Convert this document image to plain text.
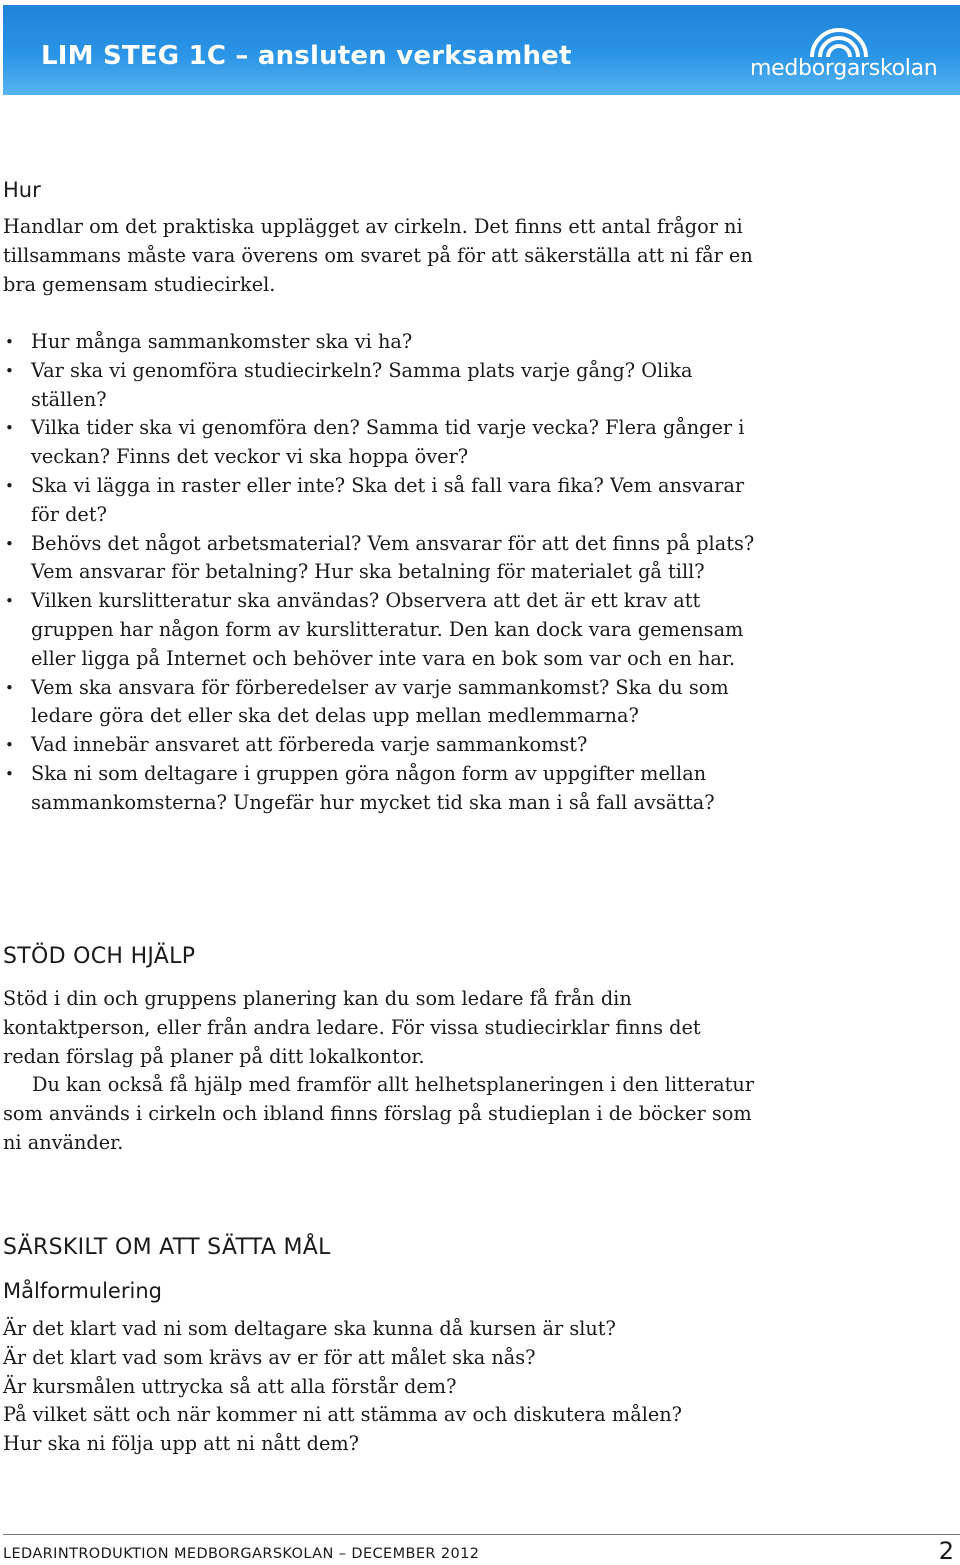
LIM STEG 1C – ansluten verksamhet	medborgarskolan
Hur

Handlar om det praktiska upplägget av cirkeln. Det finns ett antal frågor ni tillsammans måste vara överens om svaret på för att säkerställa att ni får en bra gemensam studiecirkel.

• Hur många sammankomster ska vi ha?
• Var ska vi genomföra studiecirkeln? Samma plats varje gång? Olika ställen?
• Vilka tider ska vi genomföra den? Samma tid varje vecka? Flera gånger i veckan? Finns det veckor vi ska hoppa över?
• Ska vi lägga in raster eller inte? Ska det i så fall vara fika? Vem ansvarar för det?
• Behövs det något arbetsmaterial? Vem ansvarar för att det finns på plats? Vem ansvarar för betalning? Hur ska betalning för materialet gå till?
• Vilken kurslitteratur ska användas? Observera att det är ett krav att gruppen har någon form av kurslitteratur. Den kan dock vara gemensam eller ligga på Internet och behöver inte vara en bok som var och en har.
• Vem ska ansvara för förberedelser av varje sammankomst? Ska du som ledare göra det eller ska det delas upp mellan medlemmarna?
• Vad innebär ansvaret att förbereda varje sammankomst?
• Ska ni som deltagare i gruppen göra någon form av uppgifter mellan sammankomsterna? Ungefär hur mycket tid ska man i så fall avsätta?
STÖD OCH HJÄLP

Stöd i din och gruppens planering kan du som ledare få från din kontaktperson, eller från andra ledare. För vissa studiecirklar finns det redan förslag på planer på ditt lokalkontor.

Du kan också få hjälp med framför allt helhetsplaneringen i den litteratur som används i cirkeln och ibland finns förslag på studieplan i de böcker som ni använder.

SÄRSKILT OM ATT SÄTTA MÅL
Målformulering
Är det klart vad ni som deltagare ska kunna då kursen är slut?
Är det klart vad som krävs av er för att målet ska nås?
Är kursmålen uttrycka så att alla förstår dem?
På vilket sätt och när kommer ni att stämma av och diskutera målen?
Hur ska ni följa upp att ni nått dem?
LEDARINTRODUKTION MEDBORGARSKOLAN – DECEMBER 2012	2
